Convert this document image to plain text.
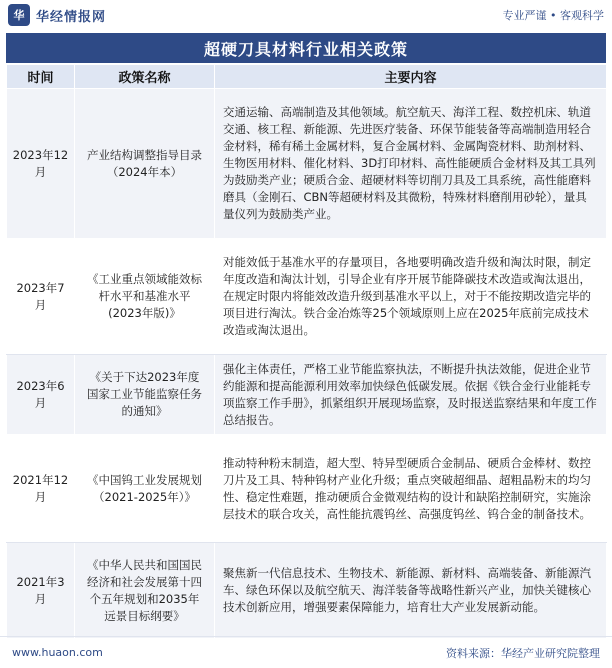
华 华经情报网	专业严谨 • 客观科学
超硬刀具材料行业相关政策
时间	政策名称	主要内容
2023年12月	产业结构调整指导目录（2024年本）	交通运输、高端制造及其他领域。航空航天、海洋工程、数控机床、轨道交通、核工程、新能源、先进医疗装备、环保节能装备等高端制造用轻合金材料，稀有稀土金属材料，复合金属材料、金属陶瓷材料、助剂材料、生物医用材料、催化材料、3D打印材料、高性能硬质合金材料及其工具列为鼓励类产业；硬质合金、超硬材料等切削刀具及工具系统，高性能磨料磨具（金刚石、CBN等超硬材料及其微粉，特殊材料磨削用砂轮），量具量仪列为鼓励类产业。
2023年7月	《工业重点领域能效标杆水平和基准水平(2023年版)》	对能效低于基准水平的存量项目，各地要明确改造升级和淘汰时限，制定年度改造和淘汰计划，引导企业有序开展节能降碳技术改造或淘汰退出，在规定时限内将能效改造升级到基准水平以上，对于不能按期改造完毕的项目进行淘汰。铁合金冶炼等25个领域原则上应在2025年底前完成技术改造或淘汰退出。
2023年6月	《关于下达2023年度国家工业节能监察任务的通知》	强化主体责任，严格工业节能监察执法，不断提升执法效能，促进企业节约能源和提高能源利用效率加快绿色低碳发展。依据《铁合金行业能耗专项监察工作手册》，抓紧组织开展现场监察，及时报送监察结果和年度工作总结报告。
2021年12月	《中国钨工业发展规划（2021-2025年）》	推动特种粉末制造，超大型、特异型硬质合金制品、硬质合金棒材、数控刀片及工具、特种钨材产业化升级；重点突破超细晶、超粗晶粉末的均匀性、稳定性难题，推动硬质合金微观结构的设计和缺陷控制研究，实施涂层技术的联合攻关，高性能抗震钨丝、高强度钨丝、钨合金的制备技术。
2021年3月	《中华人民共和国国民经济和社会发展第十四个五年规划和2035年远景目标纲要》	聚焦新一代信息技术、生物技术、新能源、新材料、高端装备、新能源汽车、绿色环保以及航空航天、海洋装备等战略性新兴产业，加快关键核心技术创新应用，增强要素保障能力，培育壮大产业发展新动能。
www.huaon.com	资料来源：华经产业研究院整理
